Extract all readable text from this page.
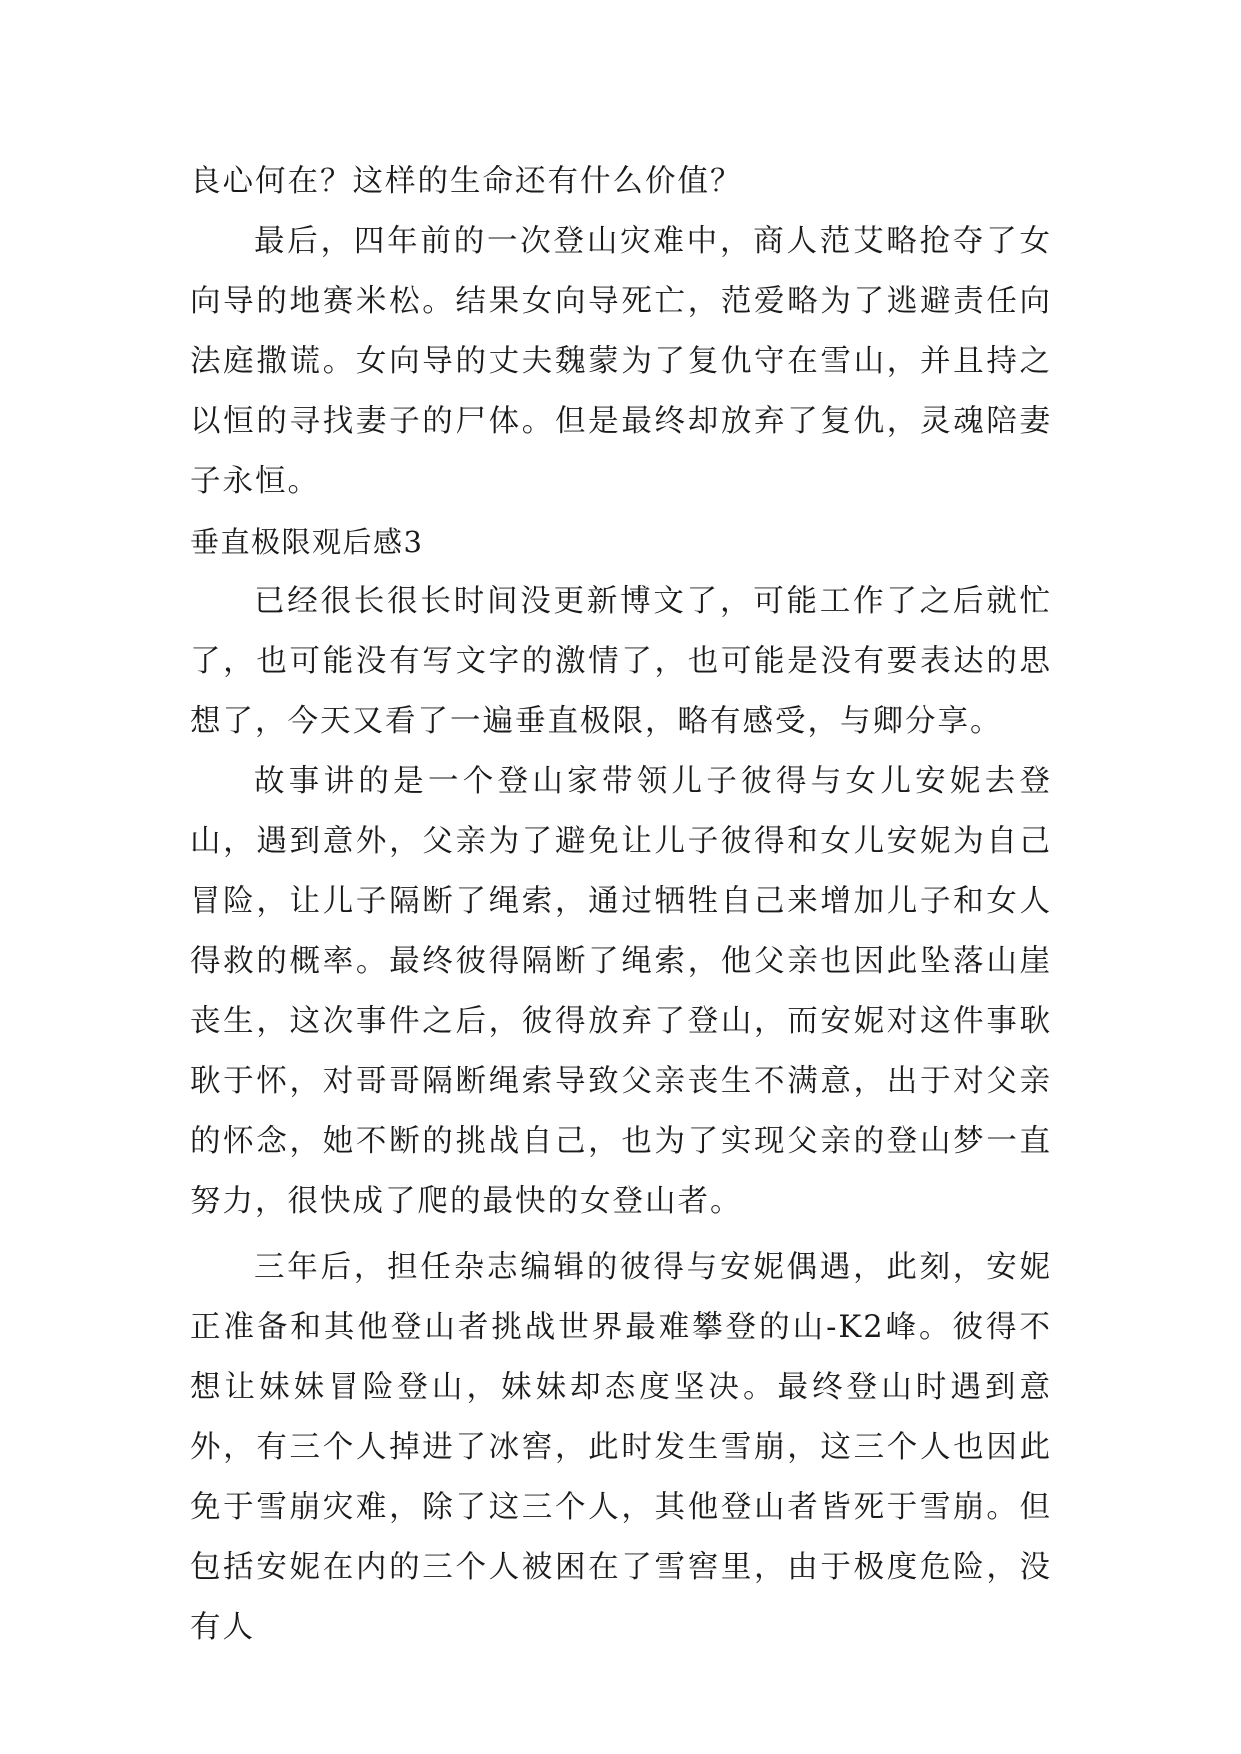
良心何在？这样的生命还有什么价值？

最后，四年前的一次登山灾难中，商人范艾略抢夺了女向导的地赛米松。结果女向导死亡，范爱略为了逃避责任向法庭撒谎。女向导的丈夫魏蒙为了复仇守在雪山，并且持之以恒的寻找妻子的尸体。但是最终却放弃了复仇，灵魂陪妻子永恒。

垂直极限观后感3

已经很长很长时间没更新博文了，可能工作了之后就忙了，也可能没有写文字的激情了，也可能是没有要表达的思想了，今天又看了一遍垂直极限，略有感受，与卿分享。

故事讲的是一个登山家带领儿子彼得与女儿安妮去登山，遇到意外，父亲为了避免让儿子彼得和女儿安妮为自己冒险，让儿子隔断了绳索，通过牺牲自己来增加儿子和女人得救的概率。最终彼得隔断了绳索，他父亲也因此坠落山崖丧生，这次事件之后，彼得放弃了登山，而安妮对这件事耿耿于怀，对哥哥隔断绳索导致父亲丧生不满意，出于对父亲的怀念，她不断的挑战自己，也为了实现父亲的登山梦一直努力，很快成了爬的最快的女登山者。

三年后，担任杂志编辑的彼得与安妮偶遇，此刻，安妮正准备和其他登山者挑战世界最难攀登的山-K2峰。彼得不想让妹妹冒险登山，妹妹却态度坚决。最终登山时遇到意外，有三个人掉进了冰窖，此时发生雪崩，这三个人也因此免于雪崩灾难，除了这三个人，其他登山者皆死于雪崩。但包括安妮在内的三个人被困在了雪窖里，由于极度危险，没有人
